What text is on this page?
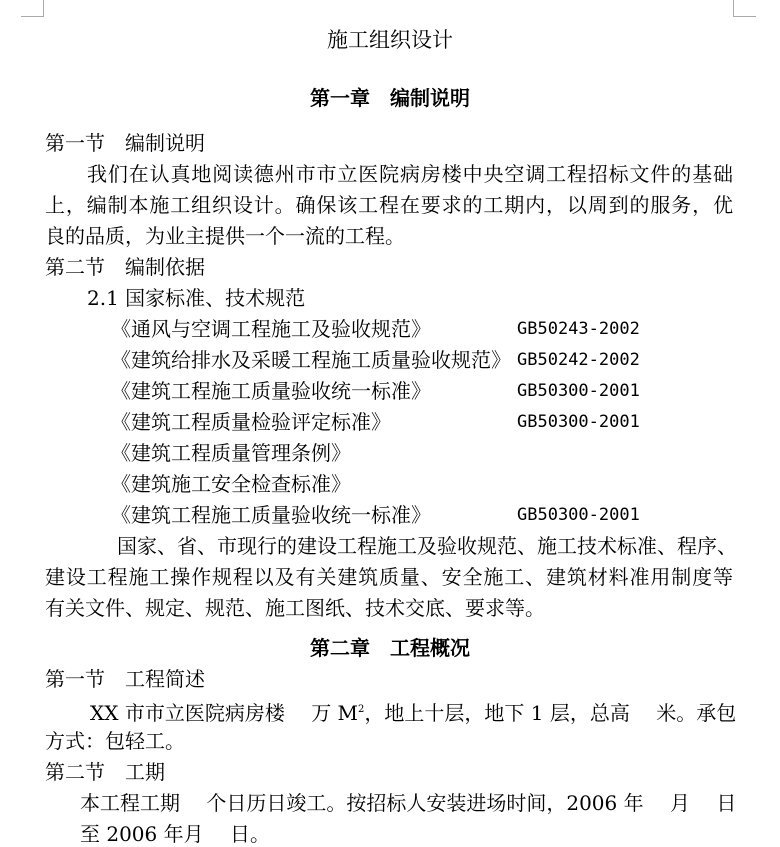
施工组织设计
第一章　编制说明
第一节　编制说明
我们在认真地阅读德州市市立医院病房楼中央空调工程招标文件的基础
上，编制本施工组织设计。确保该工程在要求的工期内，以周到的服务，优
良的品质，为业主提供一个一流的工程。
第二节　编制依据
2.1 国家标准、技术规范
《通风与空调工程施工及验收规范》	GB50243-2002
《建筑给排水及采暖工程施工质量验收规范》 GB50242-2002
《建筑工程施工质量验收统一标准》	GB50300-2001
《建筑工程质量检验评定标准》	GB50300-2001
《建筑工程质量管理条例》
《建筑施工安全检查标准》
《建筑工程施工质量验收统一标准》	GB50300-2001
国家、省、市现行的建设工程施工及验收规范、施工技术标准、程序、
建设工程施工操作规程以及有关建筑质量、安全施工、建筑材料准用制度等
有关文件、规定、规范、施工图纸、技术交底、要求等。
第二章　工程概况
第一节　工程简述
XX 市市立医院病房楼　 万 $M^2$，地上十层，地下 1 层，总高　 米。承包
方式：包轻工。
第二节　工期
本工程工期　 个日历日竣工。按招标人安装进场时间，2006 年　 月　 日
至 2006 年月　 日。
